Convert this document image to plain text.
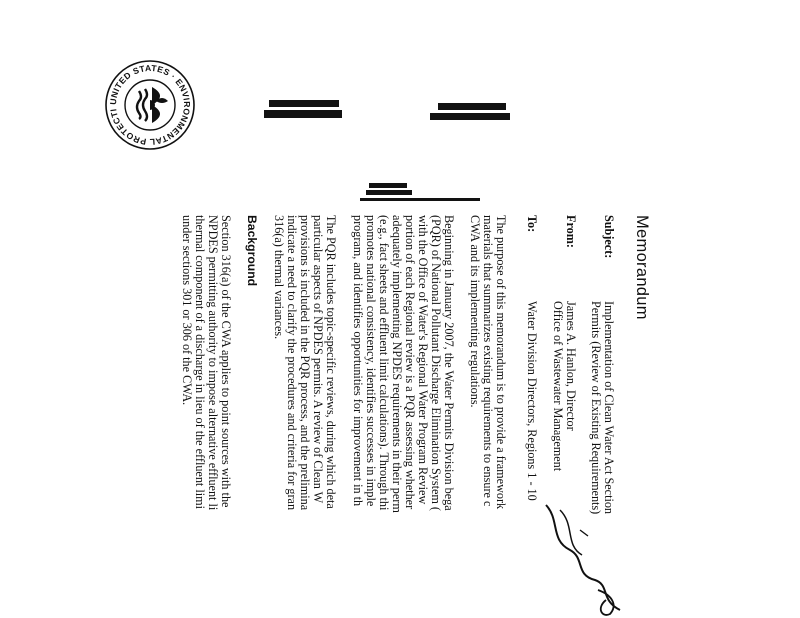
UNITED STATES · ENVIRONMENTAL PROTECTI
Memorandum
Subject:
Implementation of Clean Water Act Section
Permits (Review of Existing Requirements)
From:
James A. Hanlon, Director
Office of Wastewater Management
To:
Water Division Directors, Regions 1 - 10
The purpose of this memorandum is to provide a framework
materials that summarizes existing requirements to ensure c
CWA and its implementing regulations.
Beginning in January 2007, the Water Permits Division bega
(PQR) of National Pollutant Discharge Elimination System (
with the Office of Water's Regional Water Program Review
portion of each Regional review is a PQR assessing whether
adequately implementing NPDES requirements in their perm
(e.g., fact sheets and effluent limit calculations). Through thi
promotes national consistency, identifies successes in imple
program, and identifies opportunities for improvement in th
The PQR includes topic-specific reviews, during which deta
particular aspects of NPDES permits. A review of Clean W
provisions is included in the PQR process, and the prelimina
indicate a need to clarify the procedures and criteria for gran
316(a) thermal variances.
Background
Section 316(a) of the CWA applies to point sources with the
NPDES permitting authority to impose alternative effluent li
thermal component of a discharge in lieu of the effluent limi
under sections 301 or 306 of the CWA.
